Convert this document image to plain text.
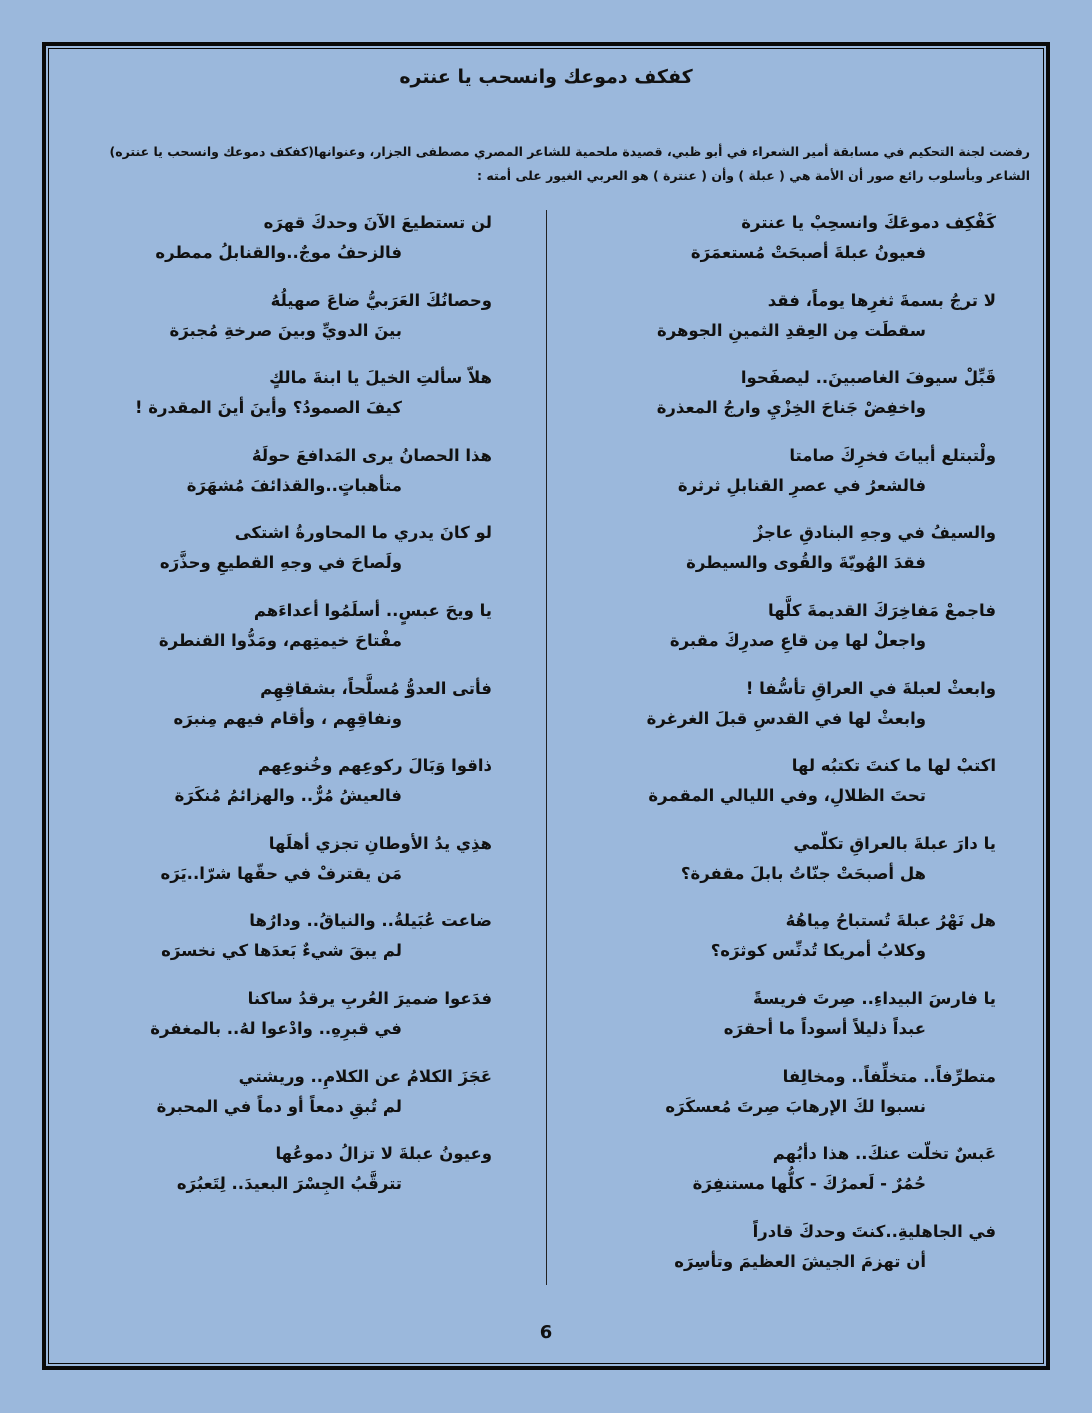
كفكف دموعك وانسحب يا عنتره
رفضت لجنة التحكيم في مسابقة أمير الشعراء في أبو ظبي، قصيدة ملحمية للشاعر المصري مصطفى الجزار، وعنوانها(كفكف دموعك وانسحب يا عنتره)
الشاعر وبأسلوب رائع صور أن الأمة هي ( عبلة ) وأن ( عنترة ) هو العربي الغيور على أمته :

كَفْكِف دموعَكَ وانسحِبْ يا عنترة

فعيونُ عبلةَ أصبحَتْ مُستعمَرَة

لا ترجُ بسمةَ ثغرِها يوماً، فقد

سقطَت مِن العِقدِ الثمينِ الجوهرة

قَبِّلْ سيوفَ الغاصبينَ.. ليصفَحوا

واخفِضْ جَناحَ الخِزْيِ وارجُ المعذرة

ولْتبتلع أبياتَ فخرِكَ صامتا

فالشعرُ في عصرِ القنابلِ ثرثرة

والسيفُ في وجهِ البنادقِ عاجزٌ

فقدَ الهُويّةَ والقُوى والسيطرة

فاجمعْ مَفاخِرَكَ القديمةَ كلَّها

واجعلْ لها مِن قاعِ صدرِكَ مقبرة

وابعثْ لعبلةَ في العراقِ تأسُّفا !

وابعثْ لها في القدسِ قبلَ الغرغرة

اكتبْ لها ما كنتَ تكتبُه لها

تحتَ الظلالِ، وفي الليالي المقمرة

يا دارَ عبلةَ بالعراقِ تكلّمي

هل أصبحَتْ جنّاتُ بابلَ مقفرة؟

هل نَهْرُ عبلةَ تُستباحُ مِياهُهُ

وكلابُ أمريكا تُدنِّس كوثرَه؟

يا فارسَ البيداءِ.. صِرتَ فريسةً

عبداً ذليلاً أسوداً ما أحقرَه

متطرِّفاً.. متخلِّفاً.. ومخالِفا

نسبوا لكَ الإرهابَ صِرتَ مُعسكَرَه

عَبسٌ تخلّت عنكَ.. هذا دأبُهم

حُمُرٌ - لَعمرُكَ - كلُّها مستنفِرَة

في الجاهليةِ..كنتَ وحدكَ قادراً

أن تهزمَ الجيشَ العظيمَ وتأسِرَه

لن تستطيعَ الآنَ وحدكَ قهرَه

فالزحفُ موجٌ..والقنابلُ ممطره

وحصانُكَ العَرَبيُّ ضاعَ صهيلُهُ

بينَ الدويِّ وبينَ صرخةِ مُجبرَة

هلاّ سألتِ الخيلَ يا ابنةَ مالكٍ

كيفَ الصمودُ؟ وأينَ أينَ المقدرة !

هذا الحصانُ يرى المَدافعَ حولَهُ

متأهباتٍ..والقذائفَ مُشهَرَة

لو كانَ يدري ما المحاورةُ اشتكى

ولَصاحَ في وجهِ القطيعِ وحذَّرَه

يا ويحَ عبسٍ.. أسلَمُوا أعداءَهم

مفْتاحَ خيمتِهم، ومَدُّوا القنطرة

فأتى العدوُّ مُسلَّحاً، بشقاقِهِم

ونفاقِهِم ، وأقام فيهم مِنبرَه

ذاقوا وَبَالَ ركوعِهم وخُنوعِهم

فالعيشُ مُرٌّ.. والهزائمُ مُنكَرَة

هذِي يدُ الأوطانِ تجزي أهلَها

مَن يقترفْ في حقّها شرّا..يَرَه

ضاعت عُبَيلةُ.. والنياقُ.. ودارُها

لم يبقَ شيءٌ بَعدَها كي نخسرَه

فدَعوا ضميرَ العُربِ يرقدُ ساكنا

في قبرِهِ.. وادْعوا لهُ.. بالمغفرة

عَجَزَ الكلامُ عن الكلامِ.. وريشتي

لم تُبقِ دمعاً أو دماً في المحبرة

وعيونُ عبلةَ لا تزالُ دموعُها

تترقَّبُ الجِسْرَ البعيدَ.. لِتَعبُرَه

6
